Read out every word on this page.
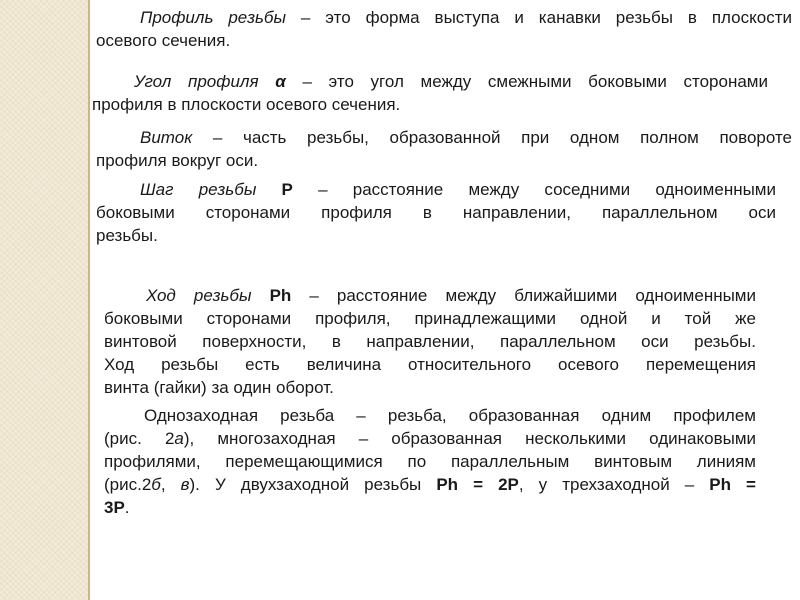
Профиль резьбы – это форма выступа и канавки резьбы в плоскости
осевого сечения.
Угол профиля α – это угол между смежными боковыми сторонами
профиля в плоскости осевого сечения.
Виток – часть резьбы, образованной при одном полном повороте
профиля вокруг оси.
Шаг резьбы P – расстояние между соседними одноименными
боковыми сторонами профиля в направлении, параллельном оси
резьбы.
Ход резьбы Ph – расстояние между ближайшими одноименными
боковыми сторонами профиля, принадлежащими одной и той же
винтовой поверхности, в направлении, параллельном оси резьбы.
Ход резьбы есть величина относительного осевого перемещения
винта (гайки) за один оборот.
Однозаходная резьба – резьба, образованная одним профилем
(рис. 2а), многозаходная – образованная несколькими одинаковыми
профилями, перемещающимися по параллельным винтовым линиям
(рис.2б, в). У двухзаходной резьбы Ph = 2P, у трехзаходной – Ph =
3P.
